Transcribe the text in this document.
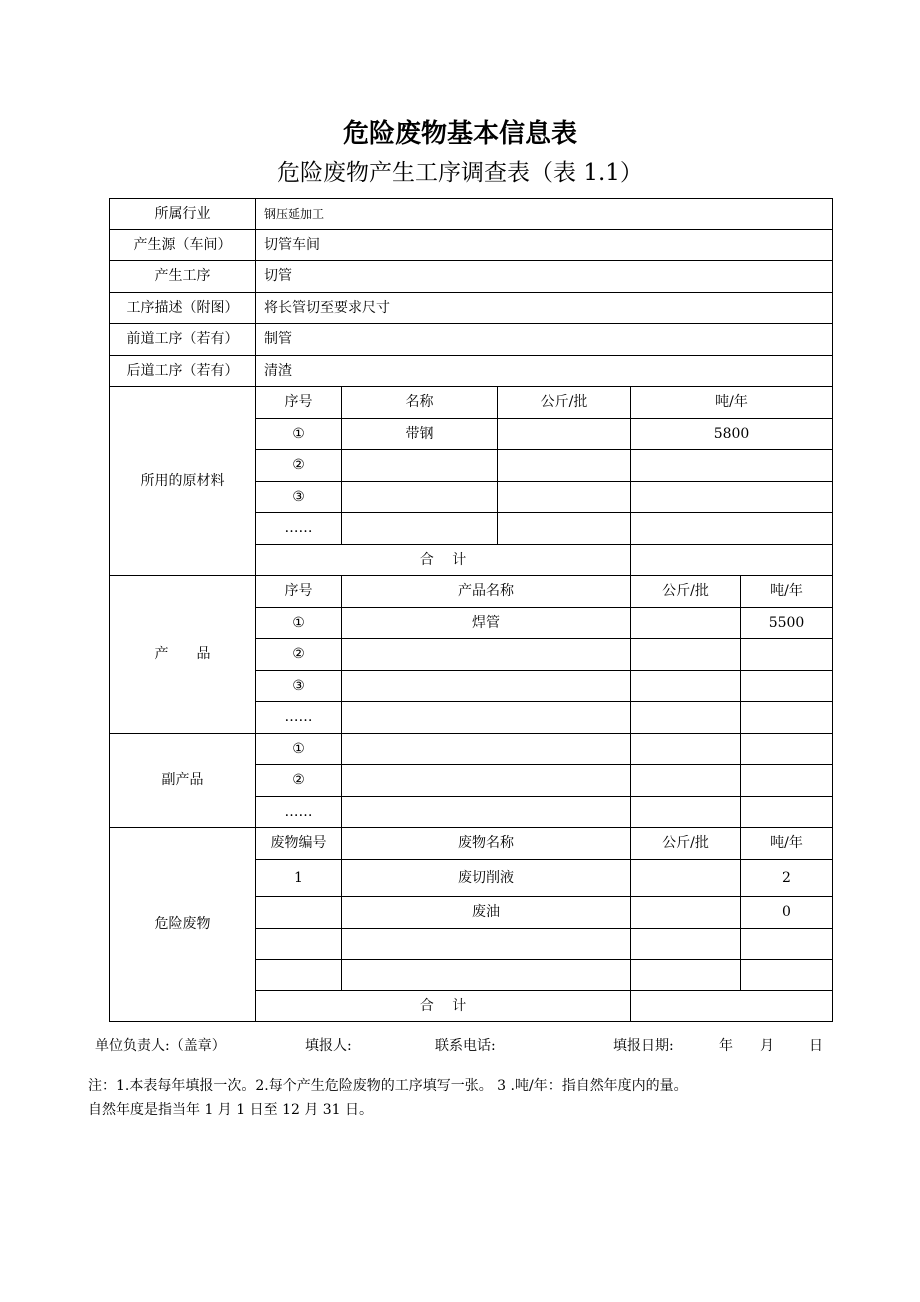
危险废物基本信息表
危险废物产生工序调查表（表 1.1）
所属行业	钢压延加工				
产生源（车间）	切管车间				
产生工序	切管				
工序描述（附图）	将长管切至要求尺寸				
前道工序（若有）	制管				
后道工序（若有）	清渣				
所用的原材料	序号	名称	公斤/批	吨/年	
	①	带钢		5800	
	②				
	③				
	……				
	合　 计				
产　　品	序号	产品名称		公斤/批	吨/年
	①	焊管			5500
	②				
	③				
	……				
副产品	①				
	②				
	……				
危险废物	废物编号	废物名称		公斤/批	吨/年
	1	废切削液			2
		废油			0

	合　 计				
单位负责人:（盖章）	填报人:	联系电话:	填报日期:	年 月	日
注：1.本表每年填报一次。2.每个产生危险废物的工序填写一张。 3 .吨/年：指自然年度内的量。
自然年度是指当年 1 月 1 日至 12 月 31 日。
